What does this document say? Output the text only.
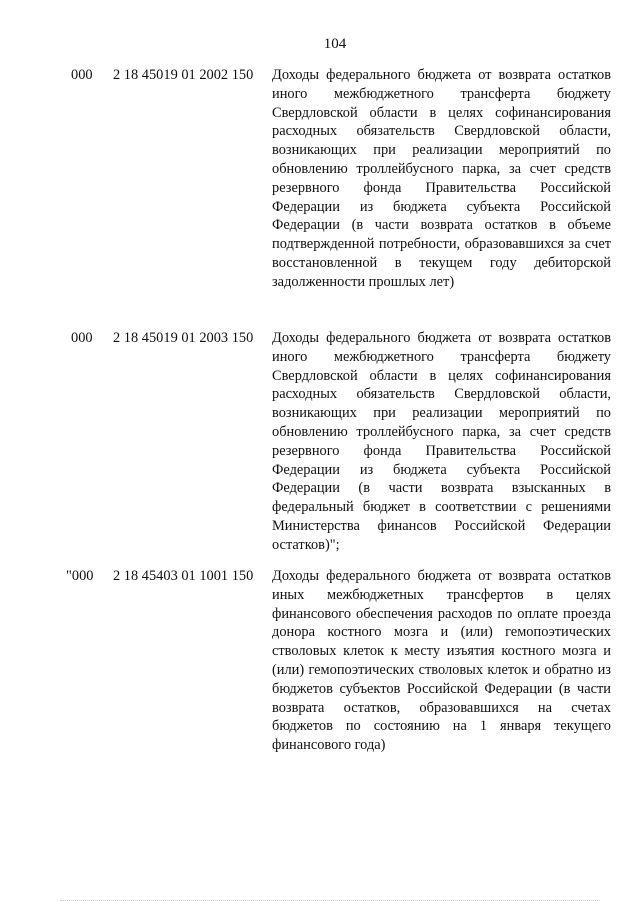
104
000 2 18 45019 01 2002 150 Доходы федерального бюджета от возврата остатков иного межбюджетного трансферта бюджету Свердловской области в целях софинансирования расходных обязательств Свердловской области, возникающих при реализации мероприятий по обновлению троллейбусного парка, за счет средств резервного фонда Правительства Российской Федерации из бюджета субъекта Российской Федерации (в части возврата остатков в объеме подтвержденной потребности, образовавшихся за счет восстановленной в текущем году дебиторской задолженности прошлых лет)
000 2 18 45019 01 2003 150 Доходы федерального бюджета от возврата остатков иного межбюджетного трансферта бюджету Свердловской области в целях софинансирования расходных обязательств Свердловской области, возникающих при реализации мероприятий по обновлению троллейбусного парка, за счет средств резервного фонда Правительства Российской Федерации из бюджета субъекта Российской Федерации (в части возврата взысканных в федеральный бюджет в соответствии с решениями Министерства финансов Российской Федерации остатков)";
"000 2 18 45403 01 1001 150 Доходы федерального бюджета от возврата остатков иных межбюджетных трансфертов в целях финансового обеспечения расходов по оплате проезда донора костного мозга и (или) гемопоэтических стволовых клеток к месту изъятия костного мозга и (или) гемопоэтических стволовых клеток и обратно из бюджетов субъектов Российской Федерации (в части возврата остатков, образовавшихся на счетах бюджетов по состоянию на 1 января текущего финансового года)
